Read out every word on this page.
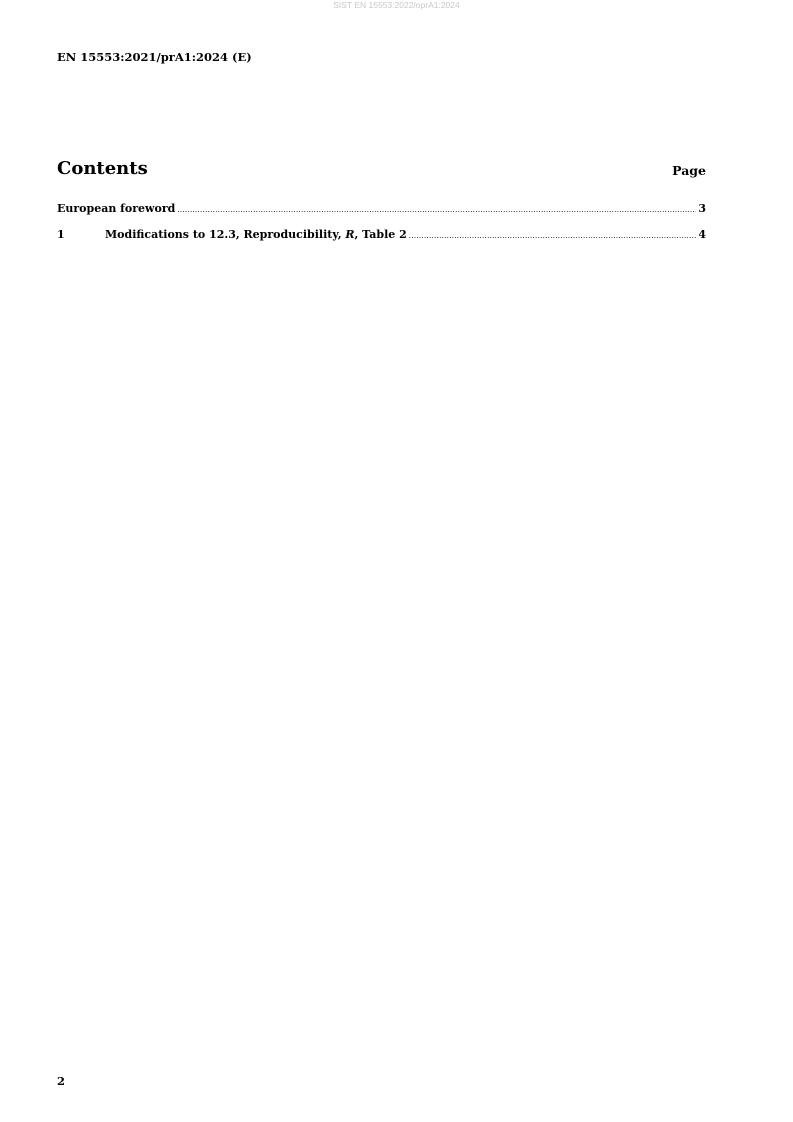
SIST EN 15553:2022/oprA1:2024
EN 15553:2021/prA1:2024 (E)
Contents	Page
European foreword .....	3
1	Modifications to 12.3, Reproducibility, R, Table 2 .....	4
2
